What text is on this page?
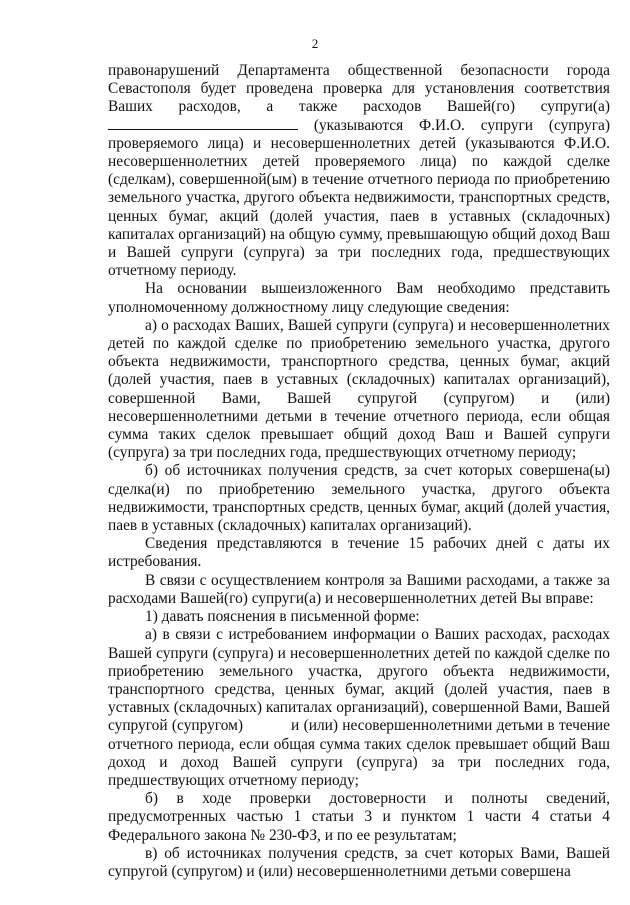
2

правонарушений Департамента общественной безопасности города Севастополя будет проведена проверка для установления соответствия Ваших расходов, а также расходов Вашей(го) супруги(а)  (указываются Ф.И.О. супруги (супруга) проверяемого лица) и несовершеннолетних детей (указываются Ф.И.О. несовершеннолетних детей проверяемого лица) по каждой сделке (сделкам), совершенной(ым) в течение отчетного периода по приобретению земельного участка, другого объекта недвижимости, транспортных средств, ценных бумаг, акций (долей участия, паев в уставных (складочных) капиталах организаций) на общую сумму, превышающую общий доход Ваш и Вашей супруги (супруга) за три последних года, предшествующих отчетному периоду.

На основании вышеизложенного Вам необходимо представить уполномоченному должностному лицу следующие сведения:

а) о расходах Ваших, Вашей супруги (супруга) и несовершеннолетних детей по каждой сделке по приобретению земельного участка, другого объекта недвижимости, транспортного средства, ценных бумаг, акций (долей участия, паев в уставных (складочных) капиталах организаций), совершенной Вами, Вашей супругой (супругом) и (или) несовершеннолетними детьми в течение отчетного периода, если общая сумма таких сделок превышает общий доход Ваш и Вашей супруги (супруга) за три последних года, предшествующих отчетному периоду;

б) об источниках получения средств, за счет которых совершена(ы) сделка(и) по приобретению земельного участка, другого объекта недвижимости, транспортных средств, ценных бумаг, акций (долей участия, паев в уставных (складочных) капиталах организаций).

Сведения представляются в течение 15 рабочих дней с даты их истребования.

В связи с осуществлением контроля за Вашими расходами, а также за расходами Вашей(го) супруги(а) и несовершеннолетних детей Вы вправе:

1) давать пояснения в письменной форме:

а) в связи с истребованием информации о Ваших расходах, расходах Вашей супруги (супруга) и несовершеннолетних детей по каждой сделке по приобретению земельного участка, другого объекта недвижимости, транспортного средства, ценных бумаг, акций (долей участия, паев в уставных (складочных) капиталах организаций), совершенной Вами, Вашей супругой (супругом)	и (или) несовершеннолетними детьми в течение отчетного периода, если общая сумма таких сделок превышает общий Ваш доход и доход Вашей супруги (супруга) за три последних года, предшествующих отчетному периоду;

б) в ходе проверки достоверности и полноты сведений, предусмотренных частью 1 статьи 3 и пунктом 1 части 4 статьи 4 Федерального закона № 230-ФЗ, и по ее результатам;

в) об источниках получения средств, за счет которых Вами, Вашей супругой (супругом) и (или) несовершеннолетними детьми совершена
